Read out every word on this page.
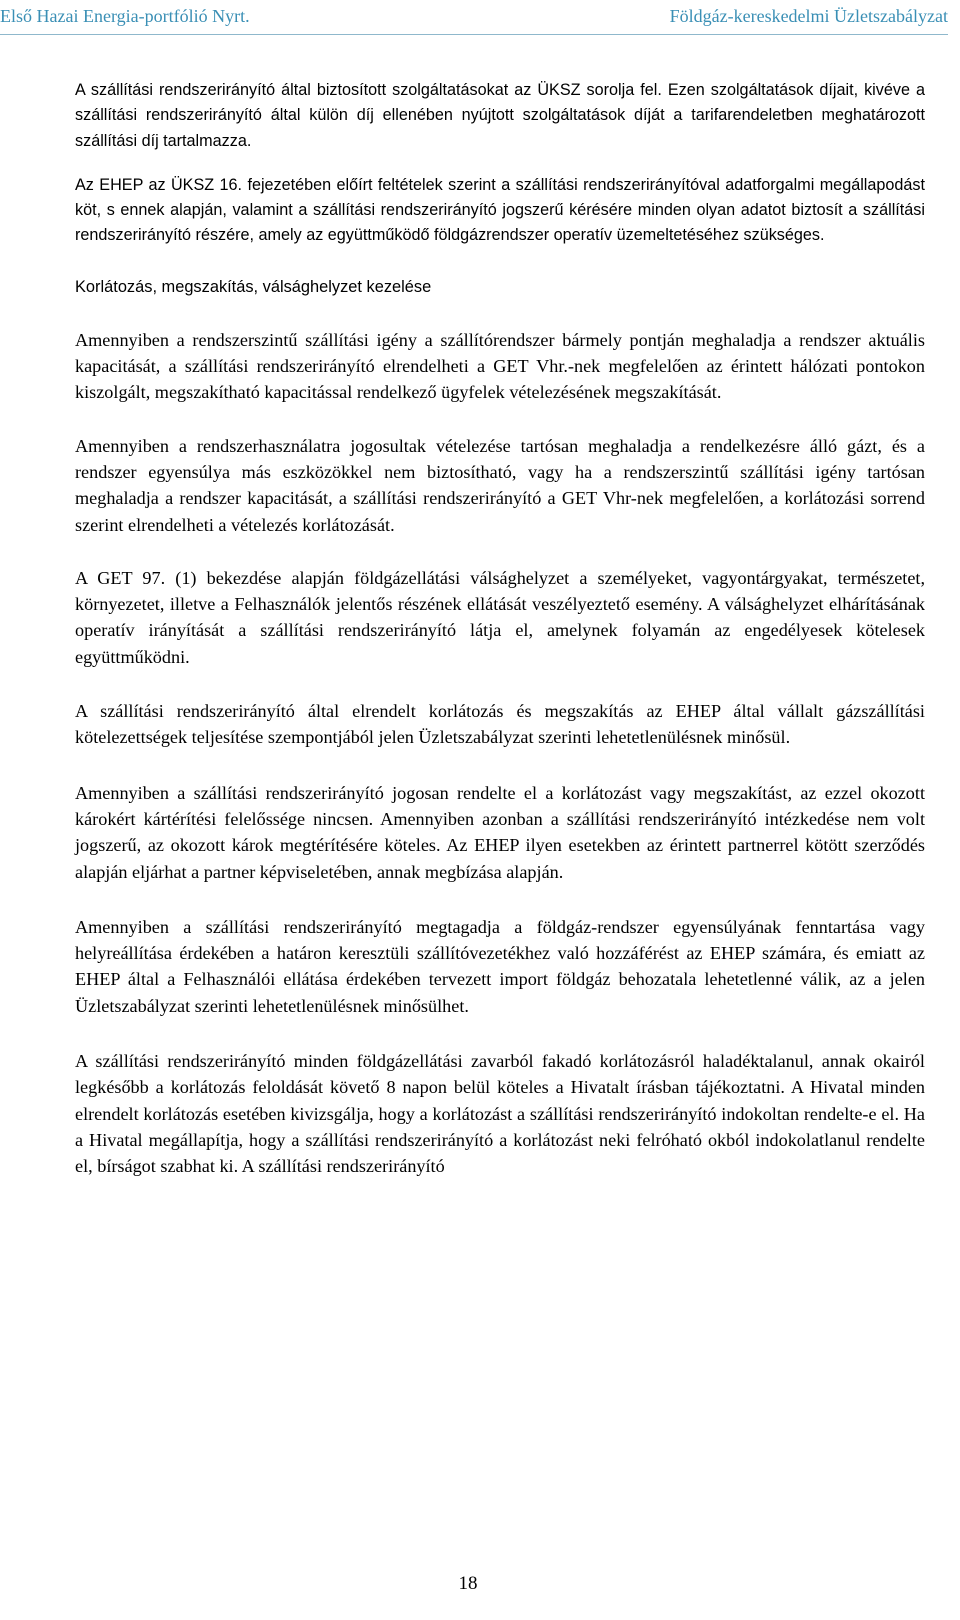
Első Hazai Energia-portfólió Nyrt.	Földgáz-kereskedelmi Üzletszabályzat

A szállítási rendszerirányító által biztosított szolgáltatásokat az ÜKSZ sorolja fel. Ezen szolgáltatások díjait, kivéve a szállítási rendszerirányító által külön díj ellenében nyújtott szolgáltatások díját a tarifarendeletben meghatározott szállítási díj tartalmazza.

Az EHEP az ÜKSZ 16. fejezetében előírt feltételek szerint a szállítási rendszerirányítóval adatforgalmi megállapodást köt, s ennek alapján, valamint a szállítási rendszerirányító jogszerű kérésére minden olyan adatot biztosít a szállítási rendszerirányító részére, amely az együttműködő földgázrendszer operatív üzemeltetéséhez szükséges.

Korlátozás, megszakítás, válsághelyzet kezelése

Amennyiben a rendszerszintű szállítási igény a szállítórendszer bármely pontján meghaladja a rendszer aktuális kapacitását, a szállítási rendszerirányító elrendelheti a GET Vhr.-nek megfelelően az érintett hálózati pontokon kiszolgált, megszakítható kapacitással rendelkező ügyfelek vételezésének megszakítását.

Amennyiben a rendszerhasználatra jogosultak vételezése tartósan meghaladja a rendelkezésre álló gázt, és a rendszer egyensúlya más eszközökkel nem biztosítható, vagy ha a rendszerszintű szállítási igény tartósan meghaladja a rendszer kapacitását, a szállítási rendszerirányító a GET Vhr-nek megfelelően, a korlátozási sorrend szerint elrendelheti a vételezés korlátozását.

A GET 97. (1) bekezdése alapján földgázellátási válsághelyzet a személyeket, vagyontárgyakat, természetet, környezetet, illetve a Felhasználók jelentős részének ellátását veszélyeztető esemény. A válsághelyzet elhárításának operatív irányítását a szállítási rendszerirányító látja el, amelynek folyamán az engedélyesek kötelesek együttműködni.

A szállítási rendszerirányító által elrendelt korlátozás és megszakítás az EHEP által vállalt gázszállítási kötelezettségek teljesítése szempontjából jelen Üzletszabályzat szerinti lehetetlenülésnek minősül.

Amennyiben a szállítási rendszerirányító jogosan rendelte el a korlátozást vagy megszakítást, az ezzel okozott károkért kártérítési felelőssége nincsen. Amennyiben azonban a szállítási rendszerirányító intézkedése nem volt jogszerű, az okozott károk megtérítésére köteles. Az EHEP ilyen esetekben az érintett partnerrel kötött szerződés alapján eljárhat a partner képviseletében, annak megbízása alapján.

Amennyiben a szállítási rendszerirányító megtagadja a földgáz-rendszer egyensúlyának fenntartása vagy helyreállítása érdekében a határon keresztüli szállítóvezetékhez való hozzáférést az EHEP számára, és emiatt az EHEP által a Felhasználói ellátása érdekében tervezett import földgáz behozatala lehetetlenné válik, az a jelen Üzletszabályzat szerinti lehetetlenülésnek minősülhet.

A szállítási rendszerirányító minden földgázellátási zavarból fakadó korlátozásról haladéktalanul, annak okairól legkésőbb a korlátozás feloldását követő 8 napon belül köteles a Hivatalt írásban tájékoztatni. A Hivatal minden elrendelt korlátozás esetében kivizsgálja, hogy a korlátozást a szállítási rendszerirányító indokoltan rendelte-e el. Ha a Hivatal megállapítja, hogy a szállítási rendszerirányító a korlátozást neki felróható okból indokolatlanul rendelte el, bírságot szabhat ki. A szállítási rendszerirányító

18
